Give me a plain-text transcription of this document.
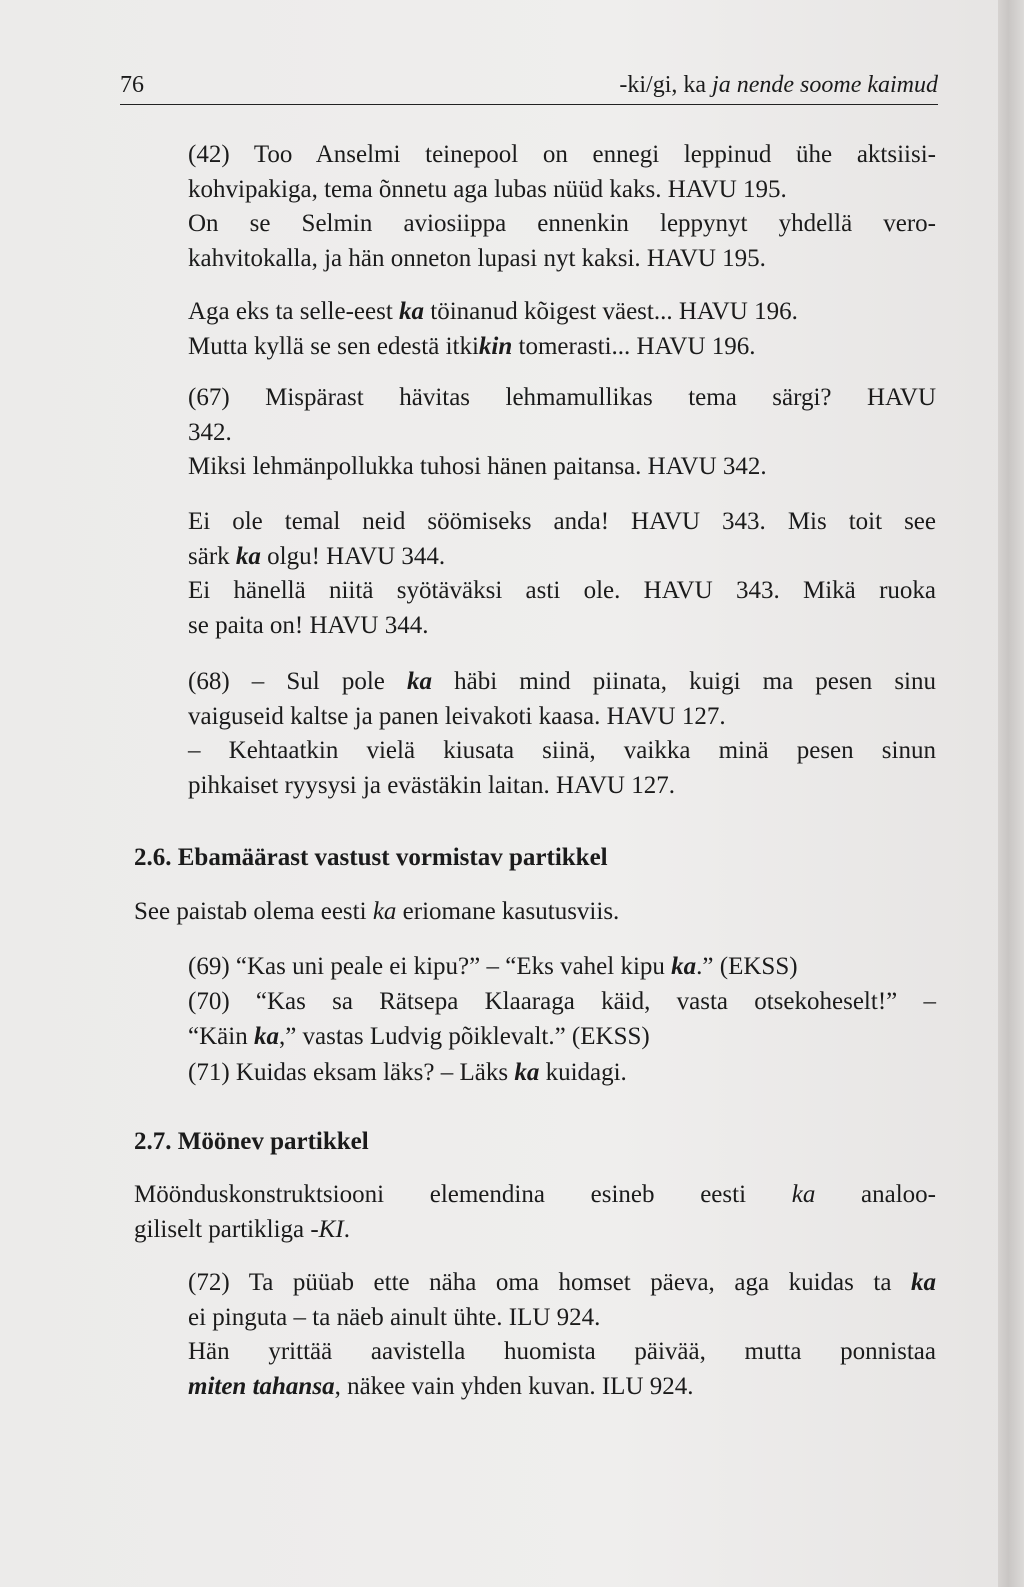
76	-ki/gi, ka ja nende soome kaimud
(42) Too Anselmi teinepool on ennegi leppinud ühe aktsiisi-
kohvipakiga, tema õnnetu aga lubas nüüd kaks. HAVU 195.
On se Selmin aviosiippa ennenkin leppynyt yhdellä vero-
kahvitokalla, ja hän onneton lupasi nyt kaksi. HAVU 195.
Aga eks ta selle-eest ka töinanud kõigest väest... HAVU 196.
Mutta kyllä se sen edestä itkikin tomerasti... HAVU 196.
(67) Mispärast hävitas lehmamullikas tema särgi? HAVU
342.
Miksi lehmänpollukka tuhosi hänen paitansa. HAVU 342.
Ei ole temal neid söömiseks anda! HAVU 343. Mis toit see
särk ka olgu! HAVU 344.
Ei hänellä niitä syötäväksi asti ole. HAVU 343. Mikä ruoka
se paita on! HAVU 344.
(68) – Sul pole ka häbi mind piinata, kuigi ma pesen sinu
vaiguseid kaltse ja panen leivakoti kaasa. HAVU 127.
– Kehtaatkin vielä kiusata siinä, vaikka minä pesen sinun
pihkaiset ryysysi ja evästäkin laitan. HAVU 127.
2.6. Ebamäärast vastust vormistav partikkel
See paistab olema eesti ka eriomane kasutusviis.
(69) “Kas uni peale ei kipu?” – “Eks vahel kipu ka.” (EKSS)
(70) “Kas sa Rätsepa Klaaraga käid, vasta otsekoheselt!” –
“Käin ka,” vastas Ludvig põiklevalt.” (EKSS)
(71) Kuidas eksam läks? – Läks ka kuidagi.
2.7. Möönev partikkel
Möönduskonstruktsiooni elemendina esineb eesti ka analoo-
giliselt partikliga -KI.
(72) Ta püüab ette näha oma homset päeva, aga kuidas ta ka
ei pinguta – ta näeb ainult ühte. ILU 924.
Hän yrittää aavistella huomista päivää, mutta ponnistaa
miten tahansa, näkee vain yhden kuvan. ILU 924.
